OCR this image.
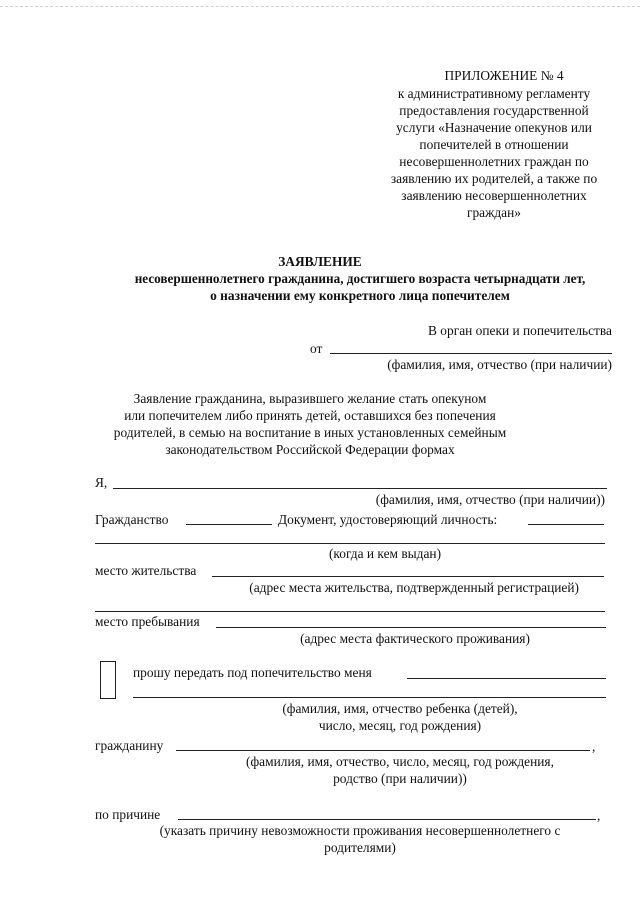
ПРИЛОЖЕНИЕ № 4
к административному регламенту
предоставления государственной
услуги «Назначение опекунов или
попечителей в отношении
несовершеннолетних граждан по
заявлению их родителей, а также по
заявлению несовершеннолетних
граждан»
ЗАЯВЛЕНИЕ
несовершеннолетнего гражданина, достигшего возраста четырнадцати лет,
о назначении ему конкретного лица попечителем
В орган опеки и попечительства
от
(фамилия, имя, отчество (при наличии)
Заявление гражданина, выразившего желание стать опекуном
или попечителем либо принять детей, оставшихся без попечения
родителей, в семью на воспитание в иных установленных семейным
законодательством Российской Федерации формах
Я,
(фамилия, имя, отчество (при наличии))
Гражданство	Документ, удостоверяющий личность:
(когда и кем выдан)
место жительства
(адрес места жительства, подтвержденный регистрацией)
место пребывания
(адрес места фактического проживания)
прошу передать под попечительство меня
(фамилия, имя, отчество ребенка (детей),
число, месяц, год рождения)
гражданину	,
(фамилия, имя, отчество, число, месяц, год рождения,
родство (при наличии))
по причине	,
(указать причину невозможности проживания несовершеннолетнего с
родителями)
